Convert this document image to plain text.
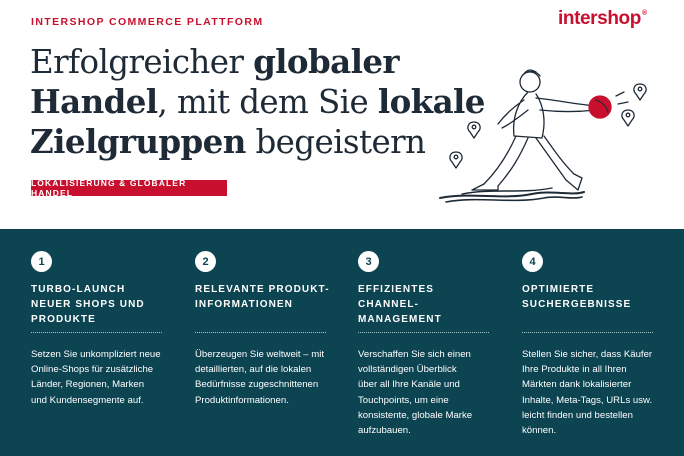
INTERSHOP COMMERCE PLATTFORM	intershop®
Erfolgreicher globaler
Handel, mit dem Sie lokale
Zielgruppen begeistern
LOKALISIERUNG & GLOBALER HANDEL
1
TURBO-LAUNCH
NEUER SHOPS UND
PRODUKTE
Setzen Sie unkompliziert neue
Online-Shops für zusätzliche
Länder, Regionen, Marken
und Kundensegmente auf.
2
RELEVANTE PRODUKT-
INFORMATIONEN
Überzeugen Sie weltweit – mit
detaillierten, auf die lokalen
Bedürfnisse zugeschnittenen
Produktinformationen.
3
EFFIZIENTES
CHANNEL-
MANAGEMENT
Verschaffen Sie sich einen
vollständigen Überblick
über all Ihre Kanäle und
Touchpoints, um eine
konsistente, globale Marke
aufzubauen.
4
OPTIMIERTE
SUCHERGEBNISSE
Stellen Sie sicher, dass Käufer
Ihre Produkte in all Ihren
Märkten dank lokalisierter
Inhalte, Meta-Tags, URLs usw.
leicht finden und bestellen
können.
